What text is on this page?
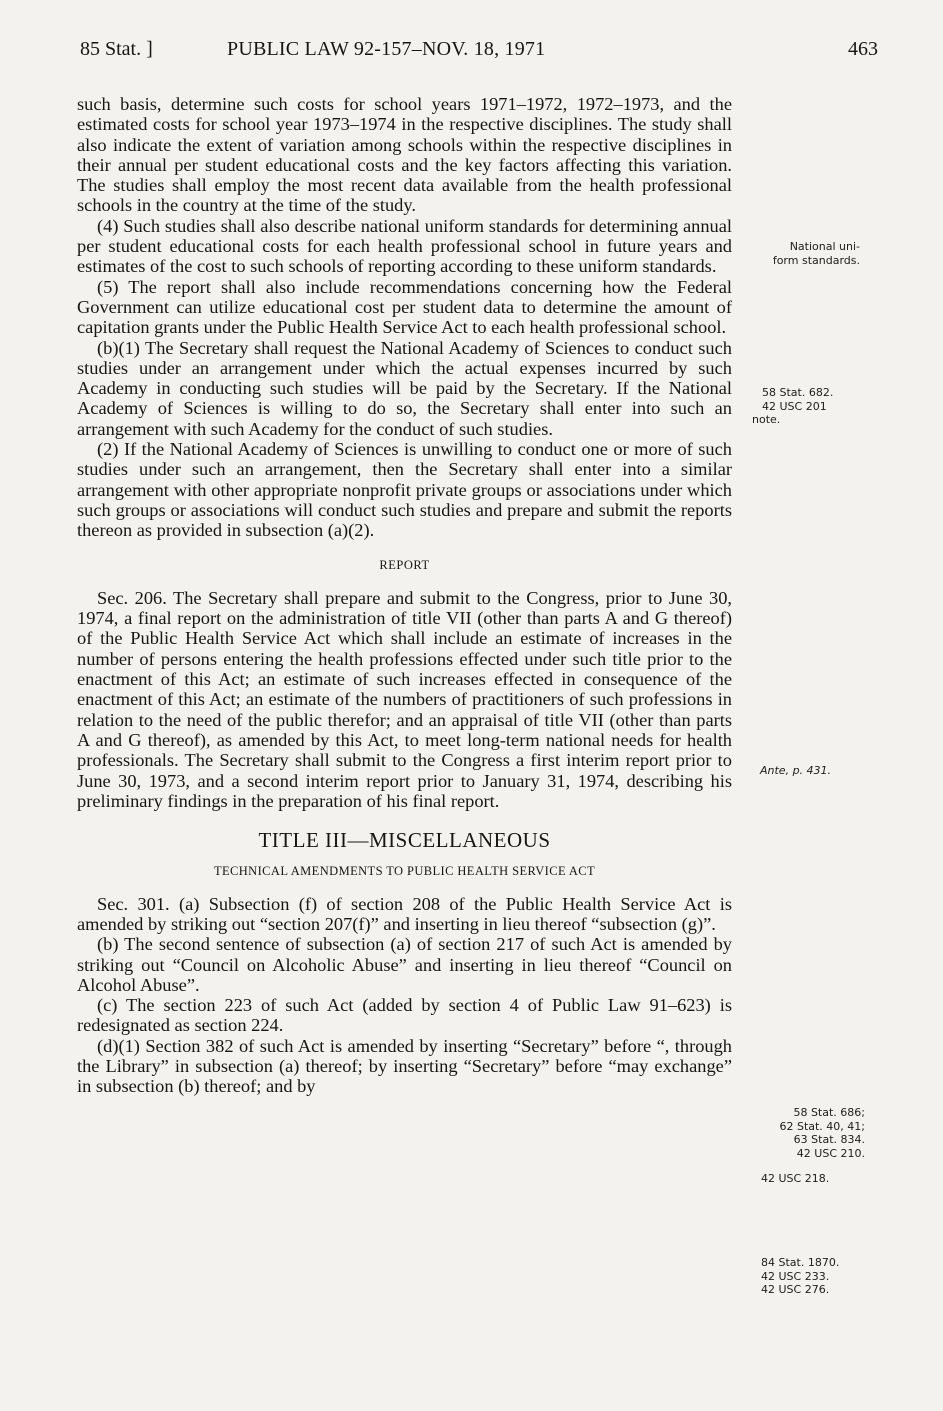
85 Stat. ]	PUBLIC LAW 92-157–NOV. 18, 1971	463

such basis, determine such costs for school years 1971–1972, 1972–1973, and the estimated costs for school year 1973–1974 in the respective disciplines. The study shall also indicate the extent of variation among schools within the respective disciplines in their annual per student educational costs and the key factors affecting this variation. The studies shall employ the most recent data available from the health professional schools in the country at the time of the study.

(4) Such studies shall also describe national uniform standards for determining annual per student educational costs for each health professional school in future years and estimates of the cost to such schools of reporting according to these uniform standards.

(5) The report shall also include recommendations concerning how the Federal Government can utilize educational cost per student data to determine the amount of capitation grants under the Public Health Service Act to each health professional school.

(b)(1) The Secretary shall request the National Academy of Sciences to conduct such studies under an arrangement under which the actual expenses incurred by such Academy in conducting such studies will be paid by the Secretary. If the National Academy of Sciences is willing to do so, the Secretary shall enter into such an arrangement with such Academy for the conduct of such studies.

(2) If the National Academy of Sciences is unwilling to conduct one or more of such studies under such an arrangement, then the Secretary shall enter into a similar arrangement with other appropriate nonprofit private groups or associations under which such groups or associations will conduct such studies and prepare and submit the reports thereon as provided in subsection (a)(2).

REPORT

Sec. 206. The Secretary shall prepare and submit to the Congress, prior to June 30, 1974, a final report on the administration of title VII (other than parts A and G thereof) of the Public Health Service Act which shall include an estimate of increases in the number of persons entering the health professions effected under such title prior to the enactment of this Act; an estimate of such increases effected in consequence of the enactment of this Act; an estimate of the numbers of practitioners of such professions in relation to the need of the public therefor; and an appraisal of title VII (other than parts A and G thereof), as amended by this Act, to meet long-term national needs for health professionals. The Secretary shall submit to the Congress a first interim report prior to June 30, 1973, and a second interim report prior to January 31, 1974, describing his preliminary findings in the preparation of his final report.

TITLE III—MISCELLANEOUS
TECHNICAL AMENDMENTS TO PUBLIC HEALTH SERVICE ACT

Sec. 301. (a) Subsection (f) of section 208 of the Public Health Service Act is amended by striking out “section 207(f)” and inserting in lieu thereof “subsection (g)”.

(b) The second sentence of subsection (a) of section 217 of such Act is amended by striking out “Council on Alcoholic Abuse” and inserting in lieu thereof “Council on Alcohol Abuse”.

(c) The section 223 of such Act (added by section 4 of Public Law 91–623) is redesignated as section 224.

(d)(1) Section 382 of such Act is amended by inserting “Secretary” before “, through the Library” in subsection (a) thereof; by inserting “Secretary” before “may exchange” in subsection (b) thereof; and by

National uni-
form standards.
58 Stat. 682.
42 USC 201
note.
Ante, p. 431.
58 Stat. 686;
62 Stat. 40, 41;
63 Stat. 834.
42 USC 210.
42 USC 218.
84 Stat. 1870.
42 USC 233.
42 USC 276.
